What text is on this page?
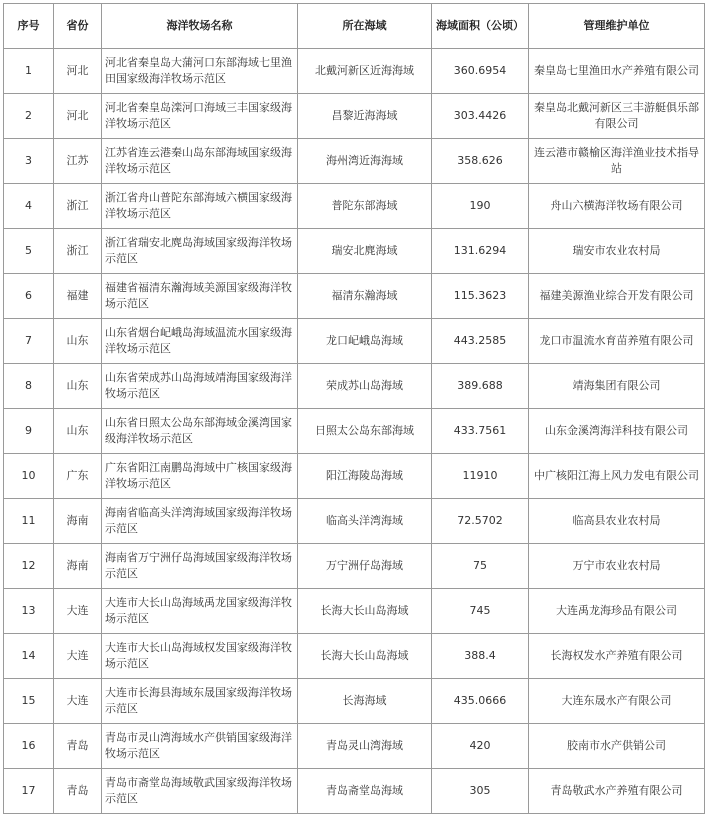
序号	省份	海洋牧场名称	所在海域	海域面积（公顷）	管理维护单位
1	河北	河北省秦皇岛大蒲河口东部海域七里渔田国家级海洋牧场示范区	北戴河新区近海海域	360.6954	秦皇岛七里渔田水产养殖有限公司
2	河北	河北省秦皇岛滦河口海域三丰国家级海洋牧场示范区	昌黎近海海域	303.4426	秦皇岛北戴河新区三丰游艇俱乐部有限公司
3	江苏	江苏省连云港秦山岛东部海域国家级海洋牧场示范区	海州湾近海海域	358.626	连云港市赣榆区海洋渔业技术指导站
4	浙江	浙江省舟山普陀东部海域六横国家级海洋牧场示范区	普陀东部海域	190	舟山六横海洋牧场有限公司
5	浙江	浙江省瑞安北麂岛海域国家级海洋牧场示范区	瑞安北麂海域	131.6294	瑞安市农业农村局
6	福建	福建省福清东瀚海域美源国家级海洋牧场示范区	福清东瀚海域	115.3623	福建美源渔业综合开发有限公司
7	山东	山东省烟台屺峨岛海域温流水国家级海洋牧场示范区	龙口屺峨岛海域	443.2585	龙口市温流水育苗养殖有限公司
8	山东	山东省荣成苏山岛海域靖海国家级海洋牧场示范区	荣成苏山岛海域	389.688	靖海集团有限公司
9	山东	山东省日照太公岛东部海域金溪湾国家级海洋牧场示范区	日照太公岛东部海域	433.7561	山东金溪湾海洋科技有限公司
10	广东	广东省阳江南鹏岛海域中广核国家级海洋牧场示范区	阳江海陵岛海域	11910	中广核阳江海上风力发电有限公司
11	海南	海南省临高头洋湾海域国家级海洋牧场示范区	临高头洋湾海域	72.5702	临高县农业农村局
12	海南	海南省万宁洲仔岛海域国家级海洋牧场示范区	万宁洲仔岛海域	75	万宁市农业农村局
13	大连	大连市大长山岛海域禹龙国家级海洋牧场示范区	长海大长山岛海域	745	大连禹龙海珍品有限公司
14	大连	大连市大长山岛海域权发国家级海洋牧场示范区	长海大长山岛海域	388.4	长海权发水产养殖有限公司
15	大连	大连市长海县海域东晟国家级海洋牧场示范区	长海海域	435.0666	大连东晟水产有限公司
16	青岛	青岛市灵山湾海域水产供销国家级海洋牧场示范区	青岛灵山湾海域	420	胶南市水产供销公司
17	青岛	青岛市斋堂岛海域敬武国家级海洋牧场示范区	青岛斋堂岛海域	305	青岛敬武水产养殖有限公司
